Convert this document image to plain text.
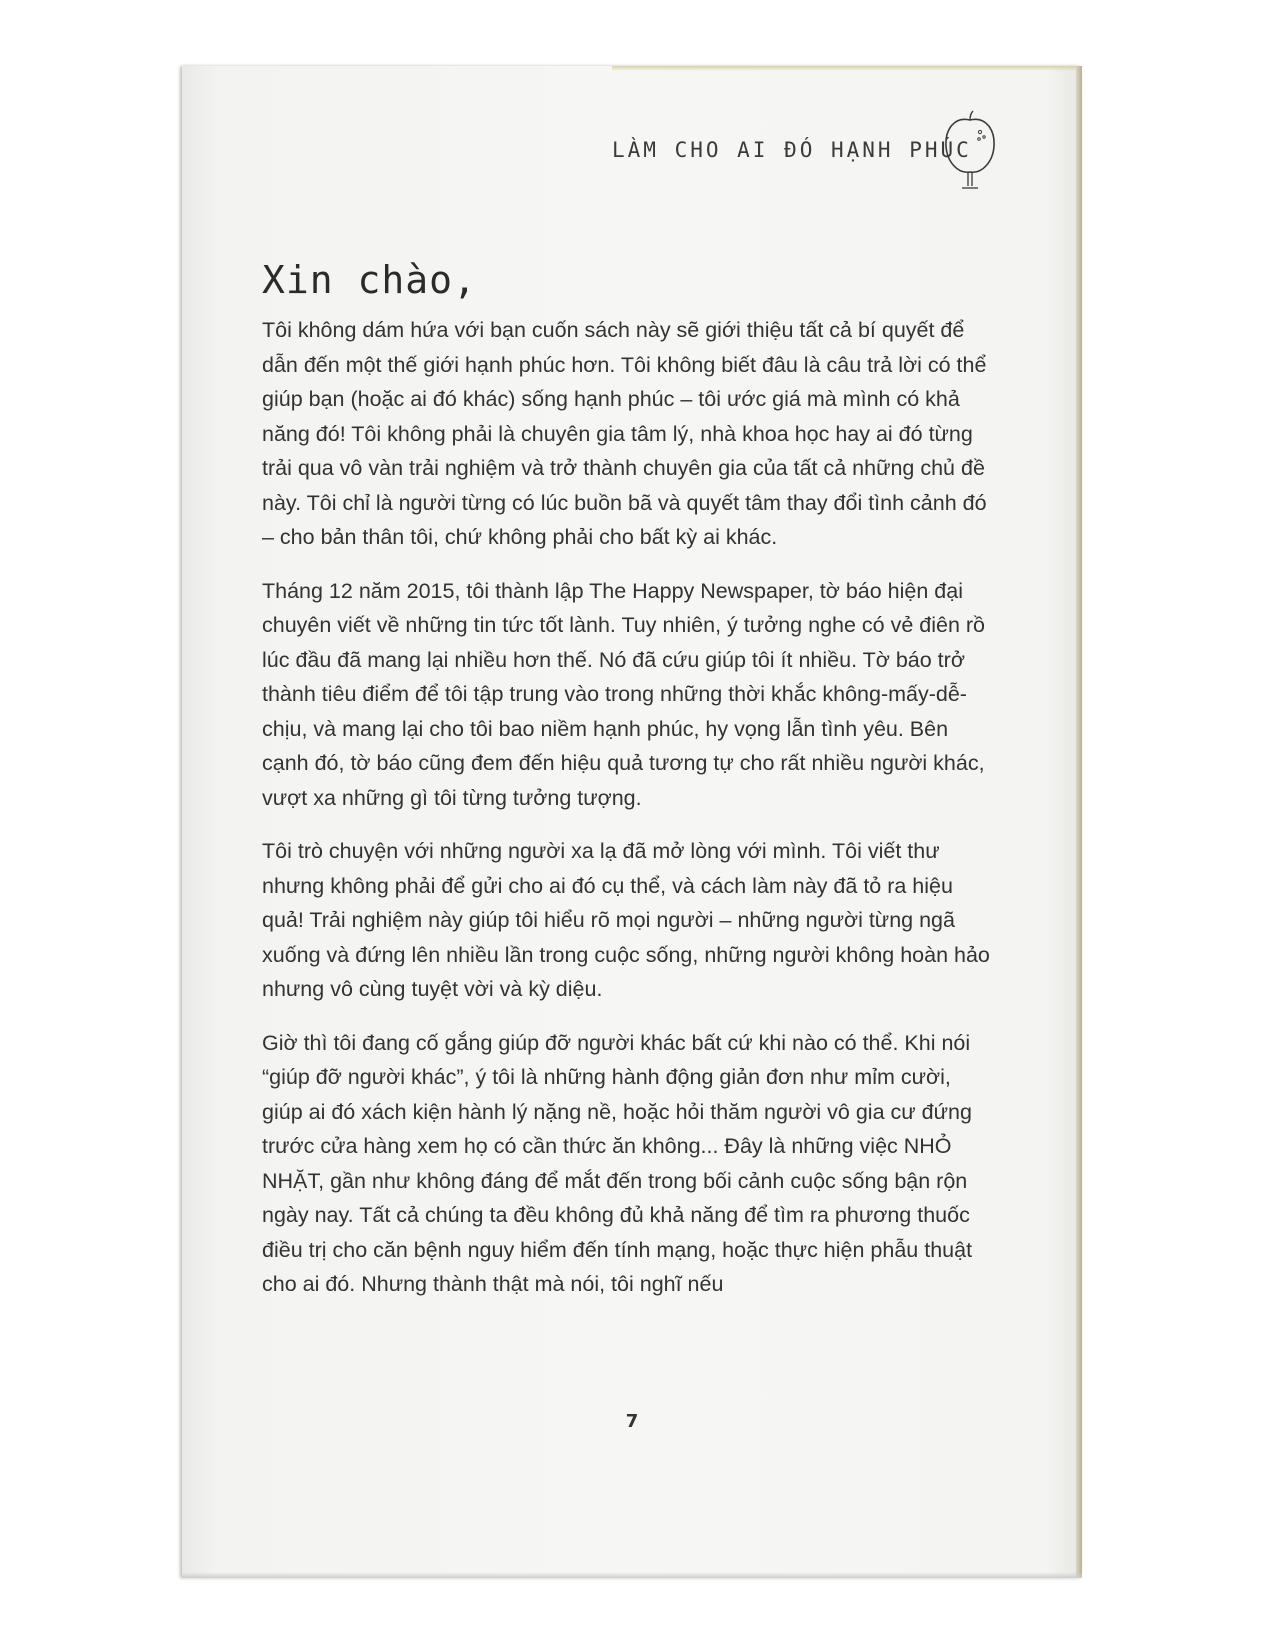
LÀM CHO AI ĐÓ HẠNH PHÚC
Xin chào,

Tôi không dám hứa với bạn cuốn sách này sẽ giới thiệu tất cả bí quyết để dẫn đến một thế giới hạnh phúc hơn. Tôi không biết đâu là câu trả lời có thể giúp bạn (hoặc ai đó khác) sống hạnh phúc – tôi ước giá mà mình có khả năng đó! Tôi không phải là chuyên gia tâm lý, nhà khoa học hay ai đó từng trải qua vô vàn trải nghiệm và trở thành chuyên gia của tất cả những chủ đề này. Tôi chỉ là người từng có lúc buồn bã và quyết tâm thay đổi tình cảnh đó – cho bản thân tôi, chứ không phải cho bất kỳ ai khác.

Tháng 12 năm 2015, tôi thành lập The Happy Newspaper, tờ báo hiện đại chuyên viết về những tin tức tốt lành. Tuy nhiên, ý tưởng nghe có vẻ điên rồ lúc đầu đã mang lại nhiều hơn thế. Nó đã cứu giúp tôi ít nhiều. Tờ báo trở thành tiêu điểm để tôi tập trung vào trong những thời khắc không-mấy-dễ-chịu, và mang lại cho tôi bao niềm hạnh phúc, hy vọng lẫn tình yêu. Bên cạnh đó, tờ báo cũng đem đến hiệu quả tương tự cho rất nhiều người khác, vượt xa những gì tôi từng tưởng tượng.

Tôi trò chuyện với những người xa lạ đã mở lòng với mình. Tôi viết thư nhưng không phải để gửi cho ai đó cụ thể, và cách làm này đã tỏ ra hiệu quả! Trải nghiệm này giúp tôi hiểu rõ mọi người – những người từng ngã xuống và đứng lên nhiều lần trong cuộc sống, những người không hoàn hảo nhưng vô cùng tuyệt vời và kỳ diệu.

Giờ thì tôi đang cố gắng giúp đỡ người khác bất cứ khi nào có thể. Khi nói “giúp đỡ người khác”, ý tôi là những hành động giản đơn như mỉm cười, giúp ai đó xách kiện hành lý nặng nề, hoặc hỏi thăm người vô gia cư đứng trước cửa hàng xem họ có cần thức ăn không... Đây là những việc NHỎ NHẶT, gần như không đáng để mắt đến trong bối cảnh cuộc sống bận rộn ngày nay. Tất cả chúng ta đều không đủ khả năng để tìm ra phương thuốc điều trị cho căn bệnh nguy hiểm đến tính mạng, hoặc thực hiện phẫu thuật cho ai đó. Nhưng thành thật mà nói, tôi nghĩ nếu

7
